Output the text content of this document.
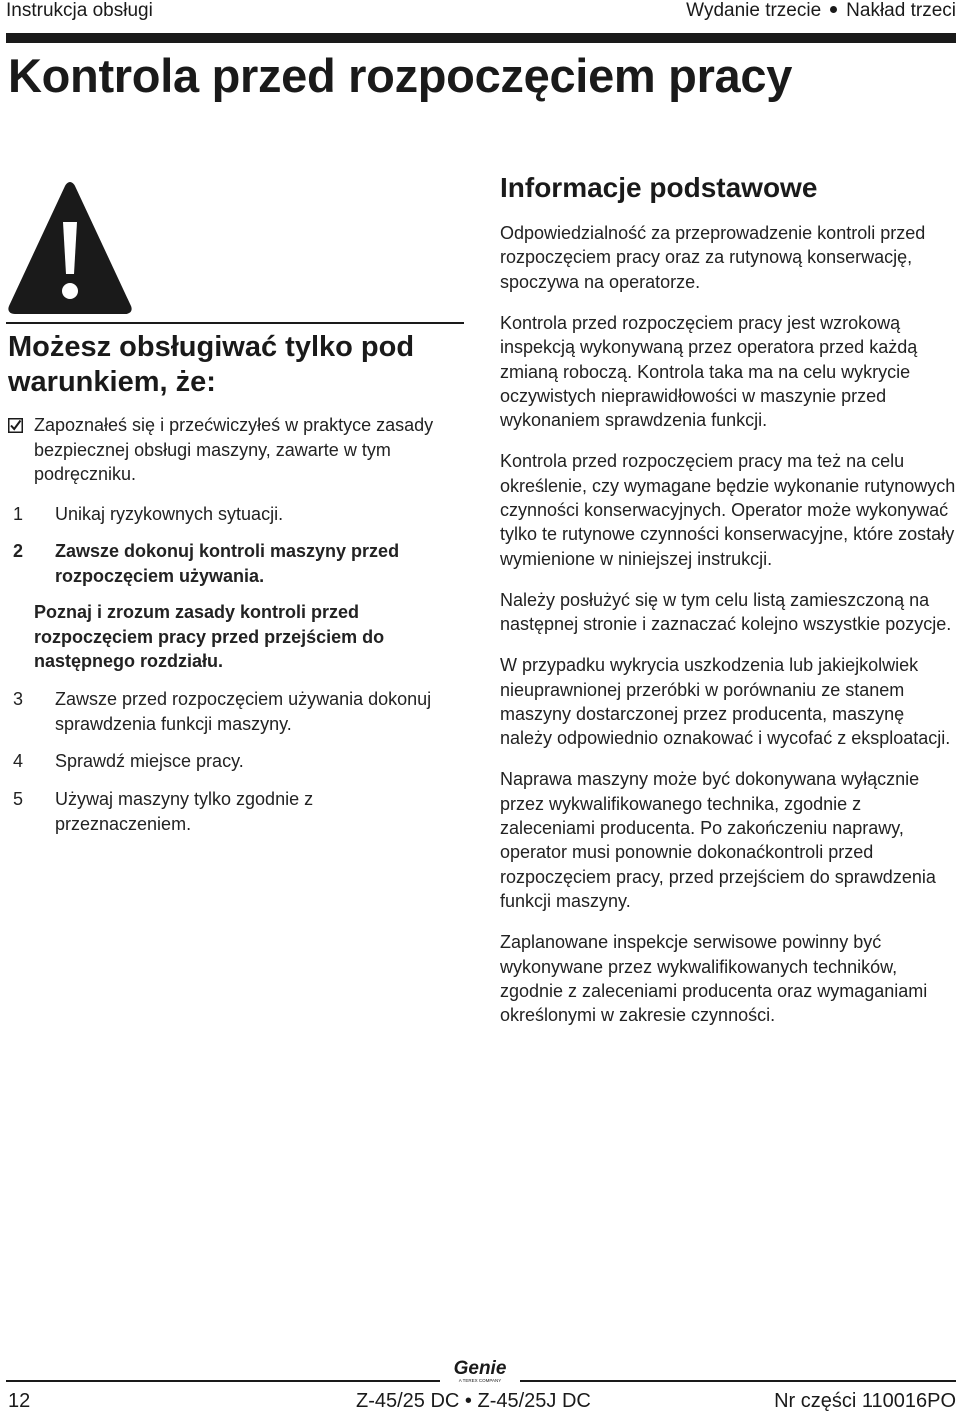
Instrukcja obsługi	Wydanie trzecie Nakład trzeci
Kontrola przed rozpoczęciem pracy
Możesz obsługiwać tylko pod warunkiem, że:
Zapoznałeś się i przećwiczyłeś w praktyce zasady bezpiecznej obsługi maszyny, zawarte w tym podręczniku.
1 Unikaj ryzykownych sytuacji.
2 Zawsze dokonuj kontroli maszyny przed rozpoczęciem używania.
Poznaj i zrozum zasady kontroli przed rozpoczęciem pracy przed przejściem do następnego rozdziału.
3 Zawsze przed rozpoczęciem używania dokonuj sprawdzenia funkcji maszyny.
4 Sprawdź miejsce pracy.
5 Używaj maszyny tylko zgodnie z przeznaczeniem.
Informacje podstawowe

Odpowiedzialność za przeprowadzenie kontroli przed rozpoczęciem pracy oraz za rutynową konserwację, spoczywa na operatorze.

Kontrola przed rozpoczęciem pracy jest wzrokową inspekcją wykonywaną przez operatora przed każdą zmianą roboczą. Kontrola taka ma na celu wykrycie oczywistych nieprawidłowości w maszynie przed wykonaniem sprawdzenia funkcji.

Kontrola przed rozpoczęciem pracy ma też na celu określenie, czy wymagane będzie wykonanie rutynowych czynności konserwacyjnych. Operator może wykonywać tylko te rutynowe czynności konserwacyjne, które zostały wymienione w niniejszej instrukcji.

Należy posłużyć się w tym celu listą zamieszczoną na następnej stronie i zaznaczać kolejno wszystkie pozycje.

W przypadku wykrycia uszkodzenia lub jakiejkolwiek nieuprawnionej przeróbki w porównaniu ze stanem maszyny dostarczonej przez producenta, maszynę należy odpowiednio oznakować i wycofać z eksploatacji.

Naprawa maszyny może być dokonywana wyłącznie przez wykwalifikowanego technika, zgodnie z zaleceniami producenta. Po zakończeniu naprawy, operator musi ponownie dokonaćkontroli przed rozpoczęciem pracy, przed przejściem do sprawdzenia funkcji maszyny.

Zaplanowane inspekcje serwisowe powinny być wykonywane przez wykwalifikowanych techników, zgodnie z zaleceniami producenta oraz wymaganiami określonymi w zakresie czynności.

Genie
A TEREX COMPANY
12	Z-45/25 DC • Z-45/25J DC	Nr części 110016PO
